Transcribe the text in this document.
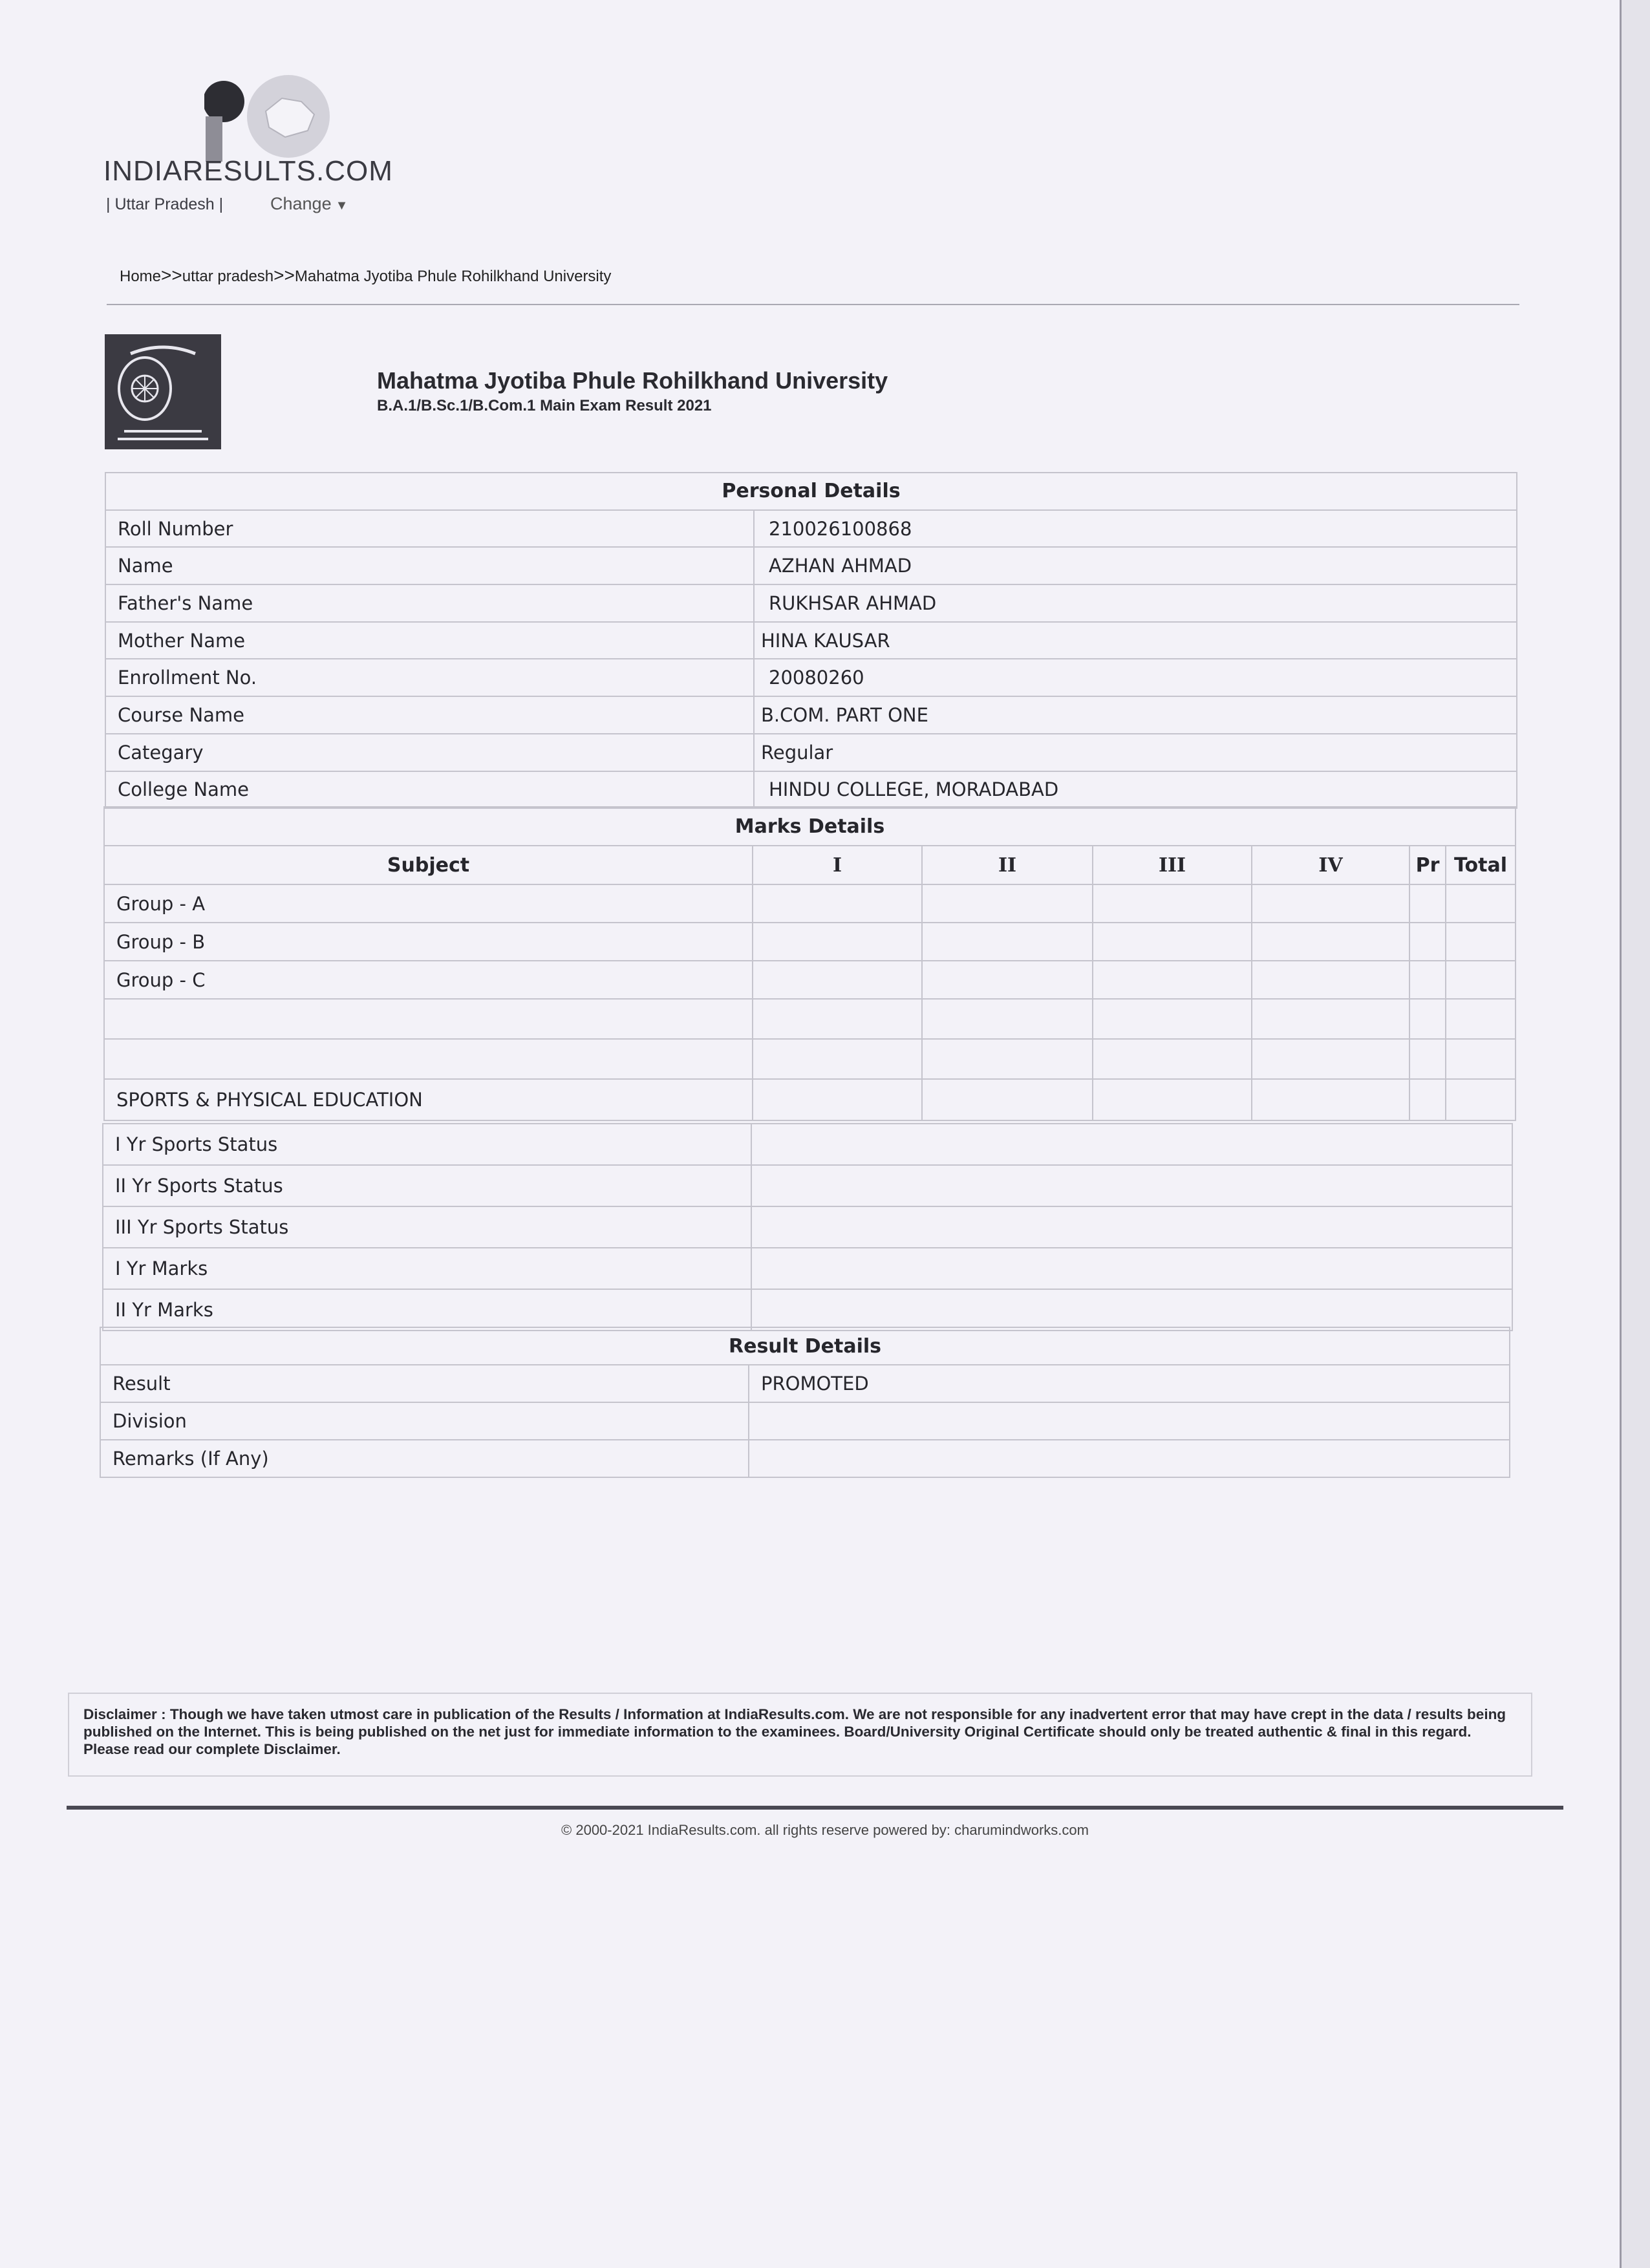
INDIARESULTS.COM
| Uttar Pradesh |	Change ▼
Home>>uttar pradesh>>Mahatma Jyotiba Phule Rohilkhand University
Mahatma Jyotiba Phule Rohilkhand University
B.A.1/B.Sc.1/B.Com.1 Main Exam Result 2021
Personal Details	
Roll Number	210026100868
Name	AZHAN AHMAD
Father's Name	RUKHSAR AHMAD
Mother Name	HINA KAUSAR
Enrollment No.	20080260
Course Name	B.COM. PART ONE
Categary	Regular
College Name	HINDU COLLEGE, MORADABAD
Marks Details						
Subject	I	II	III	IV	Pr	Total
Group - A						
Group - B						
Group - C						

SPORTS & PHYSICAL EDUCATION						
I Yr Sports Status	
II Yr Sports Status	
III Yr Sports Status	
I Yr Marks	
II Yr Marks	
Result Details	
Result	PROMOTED
Division	
Remarks (If Any)	
Disclaimer : Though we have taken utmost care in publication of the Results / Information at IndiaResults.com. We are not responsible for any inadvertent error that may have crept in the data / results being published on the Internet. This is being published on the net just for immediate information to the examinees. Board/University Original Certificate should only be treated authentic & final in this regard. Please read our complete Disclaimer.
© 2000-2021 IndiaResults.com. all rights reserve powered by: charumindworks.com
